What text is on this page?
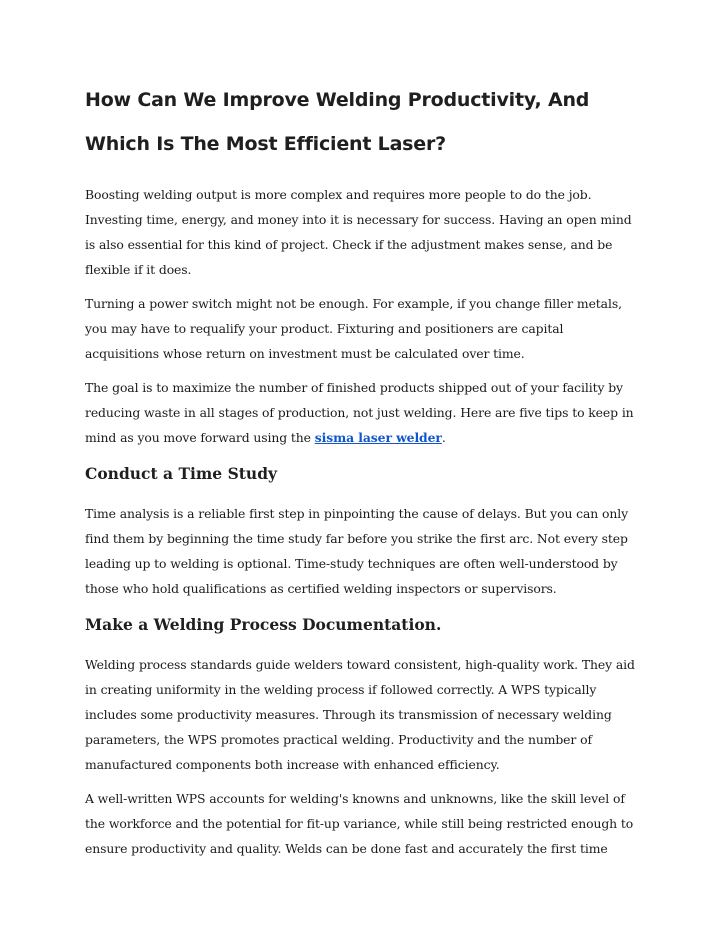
How Can We Improve Welding Productivity, And Which Is The Most Efficient Laser?

Boosting welding output is more complex and requires more people to do the job. Investing time, energy, and money into it is necessary for success. Having an open mind is also essential for this kind of project. Check if the adjustment makes sense, and be flexible if it does.

Turning a power switch might not be enough. For example, if you change filler metals, you may have to requalify your product. Fixturing and positioners are capital acquisitions whose return on investment must be calculated over time.

The goal is to maximize the number of finished products shipped out of your facility by reducing waste in all stages of production, not just welding. Here are five tips to keep in mind as you move forward using the sisma laser welder.

Conduct a Time Study

Time analysis is a reliable first step in pinpointing the cause of delays. But you can only find them by beginning the time study far before you strike the first arc. Not every step leading up to welding is optional. Time-study techniques are often well-understood by those who hold qualifications as certified welding inspectors or supervisors.

Make a Welding Process Documentation.

Welding process standards guide welders toward consistent, high-quality work. They aid in creating uniformity in the welding process if followed correctly. A WPS typically includes some productivity measures. Through its transmission of necessary welding parameters, the WPS promotes practical welding. Productivity and the number of manufactured components both increase with enhanced efficiency.

A well-written WPS accounts for welding's knowns and unknowns, like the skill level of the workforce and the potential for fit-up variance, while still being restricted enough to ensure productivity and quality. Welds can be done fast and accurately the first time
